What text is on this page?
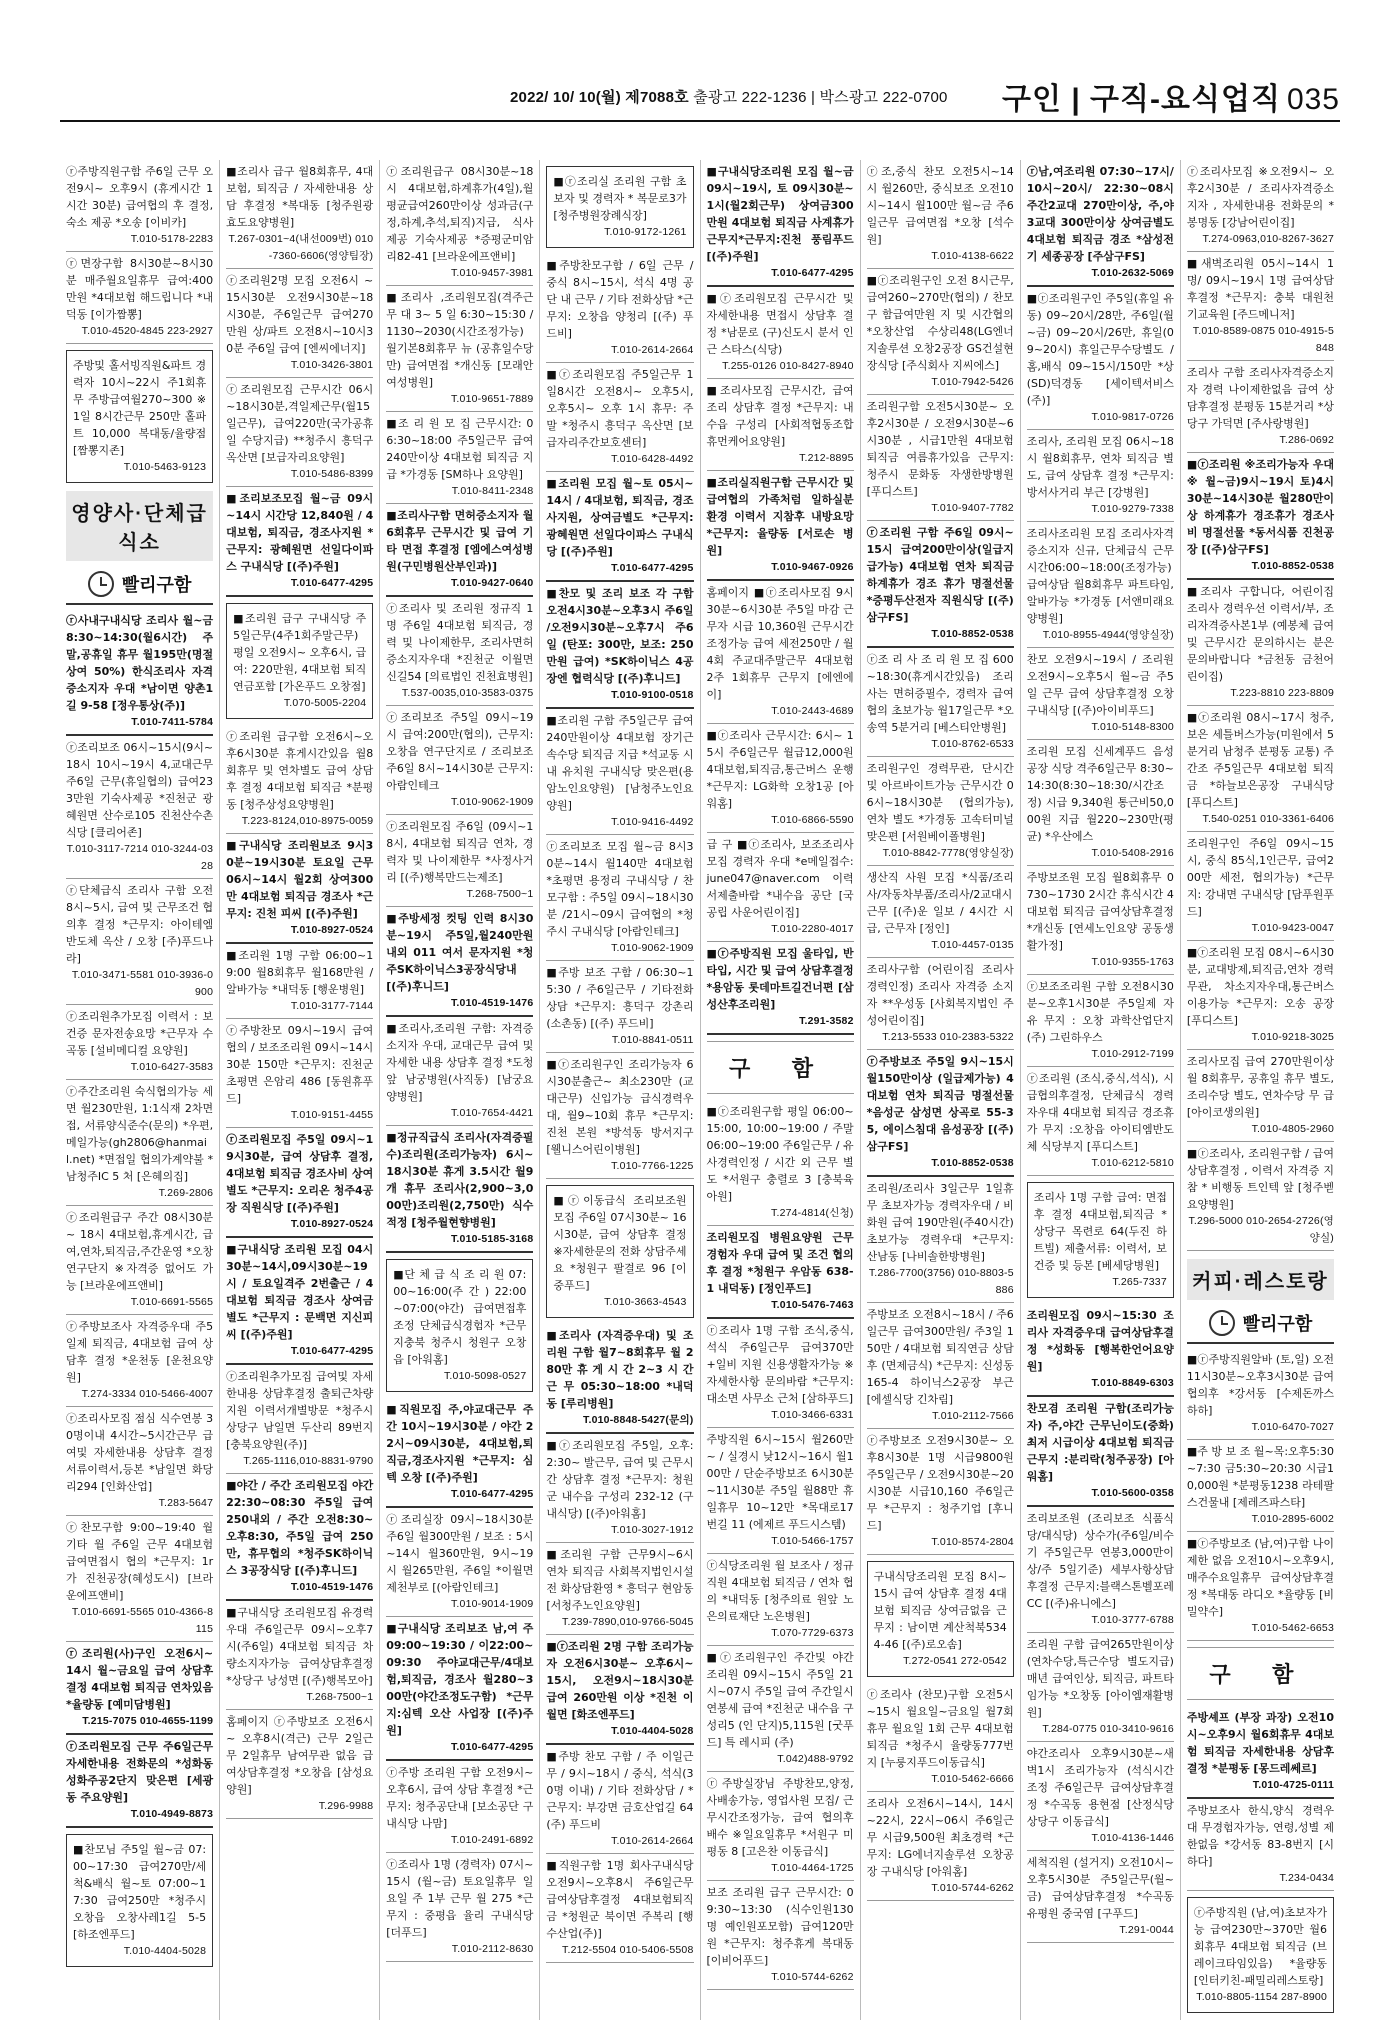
2022/ 10/ 10(월) 제7088호 출광고 222-1236 | 박스광고 222-0700 구인 | 구직-요식업직 035
ⓡ주방직원구함 주6일 근무 오전9시~ 오후9시 (휴게시간 1시간 30분) 급여협의 후 결정, 숙소 제공 *오송 [이비카]
T.010-5178-2283
ⓡ면장구함 8시30분~8시30분 매주월요일휴무 급여:400만원 *4대보험 해드립니다 *내덕동 [이가짬뽕]
T.010-4520-4845 223-2927
주방및 홀서빙직원&파트 경력자 10시~22시 주1회휴무 주방급여월270~300 ※1일 8시간근무 250만 홀파트 10,000 복대동/율량점 [짬뽕지존]
T.010-5463-9123
영양사·단체급식소
빨리구함
ⓡ사내구내식당 조리사 월~금 8:30~14:30(월6시간) 주말,공휴일 휴무 월195만(명절상여 50%) 한식조리사 자격증소지자 우대 *남이면 양촌1길 9-58 [정우통상(주)]
T.010-7411-5784
ⓡ조리보조 06시~15시(9시~18시 10시~19시 4,교대근무 주6일 근무(휴일협의) 급여233만원 기숙사제공 *진천군 광혜원면 산수로105 진천산수촌 식당 [클리어존]
T.010-3117-7214 010-3244-0328
ⓡ단체급식 조리사 구함 오전 8시~5시, 급여 및 근무조건 협의후 결정 *근무지: 아이테엠반도체 옥산 / 오창 [주)푸드나라]
T.010-3471-5581 010-3936-0900
ⓡ조리원추가모집 이력서 : 보건증 문자전송요망 *근무자 수곡동 [설비메디컬 요양원]
T.010-6427-3583
ⓡ주간조리원 숙식협의가능 세면 월230만원, 1:1식재 2차면접, 서류양식준수(문의) *우편,메일가능(gh2806@hanmail.net) *면접일 협의가계약불 *남청주IC 5 처 [은혜의집]
T.269-2806
ⓡ조리원급구 주간 08시30분~ 18시 4대보험,휴게시간, 급여,연차,퇴직금,주간운영 *오창 연구단지 ※자격증 없어도 가능 [브라운에프앤비]
T.010-6691-5565
ⓡ주방보조사 자격증우대 주5일제 퇴직금, 4대보험 급여 상담후 결정 *운천동 [운천요양원]
T.274-3334 010-5466-4007
ⓡ조리사모집 점심 식수연봉 30명이내 4시간~5시간근무 급여및 자세한내용 상담후 결정 서류이력서,등본 *남일면 화당리294 [인화산업]
T.283-5647
ⓡ찬모구함 9:00~19:40 월기타 월 주6일 근무 4대보험 급여면접시 협의 *근무지: 1r가 진천공장(혜성도시) [브라운에프앤비]
T.010-6691-5565 010-4366-8115
ⓡ조리원(사)구인 오전6시~ 14시 월~금요일 급여 상담후결정 4대보험 퇴직금 연차있음 *율량동 [예미담병원]
T.215-7075 010-4655-1199
ⓡ조리원모집 근무 주6일근무 자세한내용 전화문의 *성화동 성화주공2단지 맞은편 [세광동 주요양원]
T.010-4949-8873
■찬모님 주5일 월~금 07:00~17:30 급여270만/세척&배식 월~토 07:00~17:30 급여250만 *청주시 오창읍 오창사레1길 5-5 [하조엔푸드]
T.010-4404-5028
■조리사 급구 월8회휴무, 4대보험, 퇴직금 / 자세한내용 상담 후결정 *복대동 [청주원광효도요양병원]
T.267-0301~4(내선009번) 010-7360-6606(영양팀장)
ⓡ조리원2명 모집 오전6시 ~15시30분 오전9시30분~18시30분, 주6일근무 급여270만원 상/파트 오전8시~10시30분 주6일 급여 [엔씨에너지]
T.010-3426-3801
ⓡ조리원모집 근무시간 06시~18시30분,격일제근무(월15일근무), 급여220만(국가공휴일 수당지급) **청주시 흥덕구 옥산면 [보급자리요양원]
T.010-5486-8399
■조리보조모집 월~금 09시~14시 시간당 12,840원 / 4대보험, 퇴직금, 경조사지원 *근무지: 광혜원면 선일다이파스 구내식당 [(주)주원]
T.010-6477-4295
■조리원 급구 구내식당 주5일근무(4주1회주말근무) 평일 오전9시~ 오후6시, 급여: 220만원, 4대보험 퇴직연금포함 [가온푸드 오창점]
T.070-5005-2204
ⓡ조리원 급구함 오전6시~오후6시30분 휴게시간있음 월8회휴무 및 연차별도 급여 상담 후 결정 4대보험 퇴직금 *분평동 [청주상성요양병원]
T.223-8124,010-8975-0059
■구내식당 조리원보조 9시30분~19시30분 토요일 근무 06시~14시 월2회 상여300만 4대보험 퇴직금 경조사 *근무지: 진천 피씨 [(주)주원]
T.010-8927-0524
■조리원 1명 구함 06:00~19:00 월8회휴무 월168만원 / 알바가능 *내덕동 [행운병원]
T.010-3177-7144
ⓡ주방찬모 09시~19시 급여협의 / 보조조리원 09시~14시30분 150만 *근무지: 진천군 초평면 은암리 486 [동원휴푸드]
T.010-9151-4455
ⓡ조리원모집 주5일 09시~19시30분, 급여 상담후 결정, 4대보험 퇴직금 경조사비 상여별도 *근무지: 오리온 청주4공장 직원식당 [(주)주원]
T.010-8927-0524
■구내식당 조리원 모집 04시30분~14시,09시30분~19시 / 토요일격주 2번출근 / 4대보험 퇴직금 경조사 상여금 별도 *근무지 : 문백면 지신피씨 [(주)주원]
T.010-6477-4295
ⓡ조리원추가모집 급여및 자세한내용 상담후결정 출퇴근차량지원 이력서개별방문 *청주시 상당구 남일면 두산리 89번지 [충북요양원(주)]
T.265-1116,010-8831-9790
■야간 / 주간 조리원모집 야간 22:30~08:30 주5일 급여 250내외 / 주간 오전8:30~오후8:30, 주5일 급여 250만, 휴무협의 *청주SK하이닉스 3공장식당 [(주)후니드]
T.010-4519-1476
■구내식당 조리원모집 유경력우대 주6일근무 09시~오후7시(주6일) 4대보험 퇴직금 차량소지자가능 급여상담후결정 *상당구 낭성면 [(주)행복모아]
T.268-7500~1
홈페이지 ⓡ주방보조 오전6시~ 오후8시(격근) 근무 2일근무 2일휴무 남여무관 없음 급여상담후결정 *오창읍 [삼성요양원]
T.296-9988
ⓡ조리원급구 08시30분~18시 4대보험,하계휴가(4일),월평균급여260만이상 성과금(구정,하계,추석,퇴직)지급, 식사제공 기숙사제공 *증평군미암리82-41 [브라운에프앤비]
T.010-9457-3981
■조리사 ,조리원모집(격주근무 대 3~ 5 일 6:30~15:30 /1130~2030(시간조정가능) 월기본8회휴무 뉴 (공휴일수당만) 급여면접 *개신동 [모래안여성병원]
T.010-9651-7889
■조 리 원 모 집 근무시간: 06:30~18:00 주5일근무 급여 240만이상 4대보험 퇴직금 지급 *가경동 [SM하나 요양원]
T.010-8411-2348
■조리사구함 면허증소지자 월6회휴무 근무시간 및 급여 기타 면접 후결정 [엠에스여성병원(구민병원산부인과)]
T.010-9427-0640
ⓡ조리사 및 조리원 정규직 1명 주6일 4대보험 퇴직금, 경력 및 나이제한무, 조리사면허증소지자우대 *진천군 이월면 신길54 [의료법인 진천효병원]
T.537-0035,010-3583-0375
ⓡ조리보조 주5일 09시~19시 급여:200만(협의), 근무지: 오창읍 연구단지로 / 조리보조 주6일 8시~14시30분 근무지:아람인테크
T.010-9062-1909
ⓡ조리원모집 주6일 (09시~18시, 4대보험 퇴직금 연차, 경력자 및 나이제한무 *사정사거리 [(주)행복만드는제조]
T.268-7500~1
■주방세정 컷팅 인력 8시30분~19시 주5일,월240만원내외 011 여서 문자지원 *청주SK하이닉스3공장식당내 [(주)후니드]
T.010-4519-1476
■조리사,조리원 구함: 자격증소지자 우대, 교대근무 급여 및 자세한 내용 상담후 결정 *도청앞 남궁병원(사직동) [남궁요양병원]
T.010-7654-4421
■정규직급식 조리사(자격증필수)조리원(조리가능자) 6시~18시30분 휴게 3.5시간 월9개 휴무 조리사(2,900~3,000만)조리원(2,750만) 식수적정 [청주월현향병원]
T.010-5185-3168
■단 체 급 식 조 리 원 07:00~16:00(주 간 ) 22:00~07:00(야간) 급여면접후조정 단체급식경험자 *근무지충북 청주시 청원구 오창읍 [아워홈]
T.010-5098-0527
■직원모집 주,야교대근무 주간 10시~19시30분 / 야간 22시~09시30분, 4대보험,퇴직금,경조사지원 *근무지: 심텍 오창 [(주)주원]
T.010-6477-4295
ⓡ조리실장 09시~18시30분 주6일 월300만원 / 보조 : 5시~14시 월360만원, 9시~19시 월265만원, 주6일 *이월면 제천부로 [(아람인테크]
T.010-9014-1909
■구내식당 조리보조 남,여 주 09:00~19:30 / 이22:00~09:30 주야교대근무/4대보험,퇴직금, 경조사 월280~300만(야간조정도구함) *근무지:심텍 오산 사업장 [(주)주원]
T.010-6477-4295
ⓡ주방 조리원 구함 오전9시~ 오후6시, 급여 상담 후결정 *근무지: 청주공단내 [보소공단 구내식당 나맘]
T.010-2491-6892
ⓡ조리사 1명 (경력자) 07시~15시 (월~금) 토요일휴무 일요일 주 1부 근무 월 275 *근무지 : 중평읍 율리 구내식당 [더푸드]
T.010-2112-8630
■ⓡ조리실 조리원 구함 초보자 및 경력자 * 복문로3가 [청주병원장례식장]
T.010-9172-1261
■주방찬모구함 / 6일 근무 / 중식 8시~15시, 석식 4명 공단 내 근무 / 기타 전화상담 *근무지: 오창읍 양청리 [(주) 푸드비]
T.010-2614-2664
■ⓡ조리원모집 주5일근무 1일8시간 오전8시~ 오후5시, 오후5시~ 오후 1시 휴무: 주말 *청주시 흥덕구 옥산면 [보급자리주간보호센터]
T.010-6428-4492
■조리원 모집 월~토 05시~14시 / 4대보험, 퇴직금, 경조사지원, 상여금별도 *근무지: 광혜원면 선일다이파스 구내식당 [(주)주원]
T.010-6477-4295
■찬모 및 조리 보조 각 구함 오전4시30분~오후3시 주6일 /오전9시30분~오후7시 주6일 (탄포: 300만, 보조: 250만원 급여) *SK하이닉스 4공장엔 협력식당 [(주)후니드]
T.010-9100-0518
■조리원 구함 주5일근무 급여 240만원이상 4대보험 장기근속수당 퇴직금 지급 *석교동 시내 유치원 구내식당 맞은편(용암노인요양원) [남청주노인요양원]
T.010-9416-4492
ⓡ조리보조 모집 월~금 8시30분~14시 월140만 4대보험 *초평면 용정리 구내식당 / 찬모구함 : 주5일 09시~18시30분 /21시~09시 급여협의 *청주시 구내식당 [아람인테크]
T.010-9062-1909
■주방 보조 구함 / 06:30~15:30 / 주6일근무 / 기타전화상담 *근무지: 흥덕구 강촌리(소촌동) [(주) 푸드비]
T.010-8841-0511
■ⓡ조리원구인 조리가능자 6시30분출근~ 최소230만 (교대근무) 신입가능 급식경력우대, 월9~10회 휴무 *근무지: 진천 본원 *방석동 방서지구 [웰니스어린이병원]
T.010-7766-1225
■ⓡ이동급식 조리보조원 모집 주6일 07시30분~ 16시30분, 급여 상담후 결정 ※자세한문의 전화 상담주세요 *청원구 팔결로 96 [이중푸드]
T.010-3663-4543
■조리사 (자격증우대) 및 조리원 구함 월7~8회휴무 월 280만 휴 게 시 간 2~3 시 간 근 무 05:30~18:00 *내덕동 [루리병원]
T.010-8848-5427(문의)
■ⓡ조리원모집 주5일, 오후:2:30~ 발근무, 급여 및 근무시간 상담후 결정 *근무지: 청원군 내수읍 구성리 232-12 (구내식당) [(주)아워홈]
T.010-3027-1912
■조리원 구함 근무9시~6시 연차 퇴직금 사회복지법인시설 전 화상담환영 * 흥덕구 현암동 [서청주노인요양원]
T.239-7890,010-9766-5045
■ⓡ조리원 2명 구함 조리가능자 오전6시30분~ 오후6시~15시, 오전9시~18시30분 급여 260만원 이상 *진천 이월면 [화조엔푸드]
T.010-4404-5028
■주방 찬모 구함 / 주 이일근무 / 9시~18시 / 중식, 석식(30명 이내) / 기타 전화상담 / *근무지: 부강면 금호산업길 64 (주) 푸드비
T.010-2614-2664
■직원구함 1명 회사구내식당 오전9시~오후8시 주6일근무 급여상담후결정 4대보험퇴직금 *청원군 북이면 주복리 [행수산업(주)]
T.212-5504 010-5406-5508
■구내식당조리원 모집 월~금 09시~19시, 토 09시30분~ 1시(월2회근무) 상여금300만원 4대보험 퇴직금 사계휴가 근무지*근무지:진천 풍림푸드 [(주)주원]
T.010-6477-4295
■ⓡ조리원모집 근무시간 및 자세한내용 면접시 상담후 결정 *남문로 (구)신도시 분서 인근 스타스(식당)
T.255-0126 010-8427-8940
■조리사모집 근무시간, 급여 조리 상담후 결정 *근무지: 내수읍 구성리 [사회적협동조합 휴먼케어요양원]
T.212-8895
■조리실직원구함 근무시간 및 급여협의 가족처럼 일하실분 환경 이력서 지참후 내방요망 *근무지: 율량동 [서로손 병원]
T.010-9467-0926
홈페이지 ■ⓡ조리사모집 9시30분~6시30분 주5일 마감 근무자 시급 10,360원 근무시간 조정가능 급여 세전250만 / 월4회 주교대주말근무 4대보험 2주 1회휴무 근무지 [에엔에이]
T.010-2443-4689
■ⓡ조리사 근무시간: 6시~ 15시 주6일근무 월급12,000원 4대보험,퇴직금,통근버스 운행 *근무지: LG화학 오창1공 [아워홈]
T.010-6866-5590
급 구 ■ⓡ조리사, 보조조리사 모집 경력자 우대 *e메일접수: june047@naver.com 이력서제출바람 *내수읍 공단 [국공립 사운어린이집]
T.010-2280-4017
■ⓡ주방직원 모집 울타입, 반타입, 시간 및 급여 상담후결정 *용암동 롯데마트길건너편 [삼성산후조리원]
T.291-3582
구 함
■ⓡ조리원구함 평일 06:00~15:00, 10:00~19:00 / 주말 06:00~19:00 주6일근무 / 유사경력인정 / 시간 외 근무 별도 *서원구 충렬로 3 [충북육아원]
T.274-4814(신청)
조리원모집 병원요양원 근무 경험자 우대 급여 및 조건 협의후 결정 *청원구 우암동 638-1 내덕동) [정인푸드]
T.010-5476-7463
ⓡ조리사 1명 구함 조식,중식,석식 주6일근무 급여370만+일비 지원 신용생활자가능 ※ 자세한사항 문의바람 *근무지: 대소면 사무소 근처 [삼하푸드]
T.010-3466-6331
주방직원 6시~15시 월260만~ / 실경시 낮12시~16시 월100만 / 단순주방보조 6시30분~11시30분 주5일 월88만 휴일휴무 10~12만 *목대로17번길 11 (에제르 푸드시스템)
T.010-5466-1757
ⓡ식당조리원 월 보조사 / 정규직원 4대보험 퇴직금 / 연차 협의 *내덕동 [청주의료 원앞 노은의료재단 노은병원]
T.070-7729-6373
■ⓡ조리원구인 주간및 야간 조리원 09시~15시 주5일 21시~07시 주5일 급여 주간일시 연봉세 급여 *진천군 내수읍 구성리5 (인 단지)5,115원 [굿푸드] 특 레시피 (주)
T.042)488-9792
ⓡ주방실장님 주방찬모,양정,사배송가능, 영업사원 모집/ 근무시간조정가능, 급여 협의후 배수 ※일요일휴무 *서원구 미평동 8 [고은찬 이동급식]
T.010-4464-1725
보조 조리원 급구 근무시간: 09:30~13:30 (식수인원130명 예인원포모함) 급여120만원 *근무지: 청주휴게 복대동 [이비어푸드]
T.010-5744-6262
ⓡ조,중식 찬모 오전5시~14시 월260만, 중식보조 오전10시~14시 월100만 월~금 주6일근무 급여면접 *오창 [석수원]
T.010-4138-6622
■ⓡ조리원구인 오전 8시근무, 급여260~270만(협의) / 찬모구 함급여만원 지 및 시간협의 *오창산업 수상리48(LG엔너지솔루션 오창2공장 GS건설현장식당 [주식회사 지씨에스]
T.010-7942-5426
조리원구함 오전5시30분~ 오후2시30분 / 오전9시30분~6시30분 , 시급1만원 4대보험 퇴직금 여름휴가있음 근무지: 청주시 문화동 자생한방병원 [푸디스트]
T.010-9407-7782
ⓡ조리원 구함 주6일 09시~15시 급여200만이상(일급지급가능) 4대보험 연차 퇴직금 하계휴가 경조 휴가 명절선물 *증평두산전자 직원식당 [(주)삼구FS]
T.010-8852-0538
ⓡ조 리 사 조 리 원 모 집 600~18:30(휴게시간있음) 조리사는 면허증필수, 경력자 급여 협의 초보가능 월17일근무 *오송역 5분거리 [베스티안병원]
T.010-8762-6533
조리원구인 경력무관, 단시간 및 아르바이트가능 근무시간 06시~18시30분 (협의가능), 연차 별도 *가경동 고속터미널 맞은편 [서원베이폴병원]
T.010-8842-7778(영양실장)
생산직 사원 모집 *식품/조리사/자동차부품/조리사/2교대시 근무 [(주)운 일보 / 4시간 시급, 근무자 [정인]
T.010-4457-0135
조리사구함 (어린이집 조리사 경력인정) 조리사 자격증 소지자 **우성동 [사회복지법인 주성어린이집]
T.213-5533 010-2383-5322
ⓡ주방보조 주5일 9시~15시 월150만이상 (일급제가능) 4대보험 연차 퇴직금 명절선물 *음성군 삼성면 상곡로 55-35, 에이스침대 음성공장 [(주)삼구FS]
T.010-8852-0538
조리원/조리사 3일근무 1일휴무 초보자가능 경력자우대 / 비화원 급여 190만원(주40시간) 초보가능 경력우대 *근무지: 산남동 [나비솔한방병원]
T.286-7700(3756) 010-8803-5886
주방보조 오전8시~18시 / 주6일근무 급여300만원/ 주3일 150만 / 4대보험 퇴직연금 상담후 (면제금식) *근무지: 신성동165-4 하이닉스2공장 부근 [에셀식당 긴차림]
T.010-2112-7566
ⓡ주방보조 오전9시30분~ 오후8시30분 1명 시급9800원 주5일근무 / 오전9시30분~20시30분 시급10,160 주6일근무 *근무지 : 청주기업 [후니드]
T.010-8574-2804
구내식당조리원 모집 8시~15시 급여 상담후 결정 4대보험 퇴직금 상여금없음 근무지 : 남이면 계산척북5344-46 [(주)로오솜]
T.272-0541 272-0542
ⓡ조리사 (찬모)구함 오전5시~15시 월요일~금요일 월7회 휴무 월요일 1회 근무 4대보험 퇴직금 *청주시 율량동777번지 [누룽지푸드이동급식]
T.010-5462-6666
조리사 오전6시~14시, 14시~22시, 22시~06시 주6일근무 시급9,500원 최초경력 *근무지: LG에너지솔루션 오창공장 구내식당 [아워홈]
T.010-5744-6262
ⓡ남,여조리원 07:30~17시/ 10시~20시/ 22:30~08시 주간2교대 270만이상, 주,야3교대 300만이상 상여금별도 4대보험 퇴직금 경조 *삼성전기 세종공장 [주삼구FS]
T.010-2632-5069
■ⓡ조리원구인 주5일(휴일 유동) 09~20시/28만, 주6일(월~금) 09~20시/26만, 휴일(09~20시) 휴일근무수당별도 /홈,배식 09~15시/150만 *상(SD)덕경동 [세이텍서비스(주)]
T.010-9817-0726
조리사, 조리원 모집 06시~18시 월8회휴무, 연차 퇴직금 별도, 급여 상담후 결정 *근무지: 방서사거리 부근 [강병원]
T.010-9279-7338
조리사조리원 모집 조리사자격증소지자 신규, 단체급식 근무시간06:00~18:00(조정가능)급여상담 월8회휴무 파트타임,알바가능 *가경동 [서앤미래요양병원]
T.010-8955-4944(영양실장)
찬모 오전9시~19시 / 조리원 오전9시~오후5시 월~금 주5일 근무 급여 상담후결정 오창 구내식당 [(주)아이비푸드]
T.010-5148-8300
조리원 모집 신세계푸드 음성공장 식당 격주6일근무 8:30~14:30(8:30~18:30/시간조정) 시급 9,340원 통근비50,000원 지급 월220~230만(평균) *우산에스
T.010-5408-2916
주방보조원 모집 월8회휴무 0730~1730 2시간 휴식시간 4대보험 퇴직금 급여상담후결정 *개신동 [연세노인요양 공동생활가정]
T.010-9355-1763
ⓡ보조조리원 구함 오전8시30분~오후1시30분 주5일제 자유 무지 : 오창 과학산업단지 (주) 그린하우스
T.010-2912-7199
ⓡ조리원 (조식,중식,석식), 시급협의후결정, 단체급식 경력자우대 4대보험 퇴직금 경조휴가 무지 :오창읍 아이티엠반도체 식당부지 [푸디스트]
T.010-6212-5810
조리사 1명 구함 급여: 면접후 결정 4대보험,퇴직금 * 상당구 목련로 64(두진 하트빌) 제출서류: 이력서, 보건증 및 등본 [베세당병원]
T.265-7337
조리원모집 09시~15:30 조리사 자격증우대 급여상담후결정 *성화동 [행복한언어요양원]
T.010-8849-6303
찬모겸 조리원 구함(조리가능자) 주,야간 근무닌이도(중화) 최저 시급이상 4대보험 퇴직금 근무지 :분리락(청주공장) [아워홈]
T.010-5600-0358
조리보조원 (조리보조 식품식 당/대식당) 상수가(주6일/비수기 주5일근무 연봉3,000만이상/주 5일기준) 세부사항상담후결정 근무지:블랙스톤벨포레CC [(주)유니에스]
T.010-3777-6788
조리원 구함 급여265만원이상 (연차수당,특근수당 별도지급) 매년 급여인상, 퇴직금, 파트타임가능 *오창동 [아이엠재활병원]
T.284-0775 010-3410-9616
야간조리사 오후9시30분~새벽1시 조리가능자 (석식시간 조정 주6일근무 급여상담후결정 *수곡동 용현점 [산정식당 상당구 이동급식]
T.010-4136-1446
세척직원 (설거지) 오전10시~오후5시30분 주5일근무(월~금) 급여상담후결정 *수곡동 유평원 중국염 [구푸드]
T.291-0044
ⓡ조리사모집 ※오전9시~ 오후2시30분 / 조리사자격증소지자 , 자세한내용 전화문의 *봉명동 [강남어린이집]
T.274-0963,010-8267-3627
■새벽조리원 05시~14시 1명/ 09시~19시 1명 급여상담후결정 *근무지: 충북 대원천기교육원 [주드메니저]
T.010-8589-0875 010-4915-5848
조리사 구함 조리사자격증소지자 경력 나이제한없음 급여 상담후결정 분평동 15분거리 *상당구 가덕면 [주사랑병원]
T.286-0692
■ⓡ조리원 ※조리가능자 우대※ 월~금)9시~19시 토)4시30분~14시30분 월280만이상 하계휴가 경조휴가 경조사비 명절선물 *동서식품 진천공장 [(주)삼구FS]
T.010-8852-0538
■조리사 구합니다, 어린이집 조리사 경력우선 이력서/부, 조리자격증사본1부 (예봉체 급여 및 근무시간 문의하시는 분은 문의바랍니다 *금천동 금천어린이집)
T.223-8810 223-8809
■ⓡ조리원 08시~17시 청주,보은 세틀버스가능(미원에서 5분거리 남청주 분평동 교통) 주간조 주5일근무 4대보험 퇴직금 *하늘보은공장 구내식당 [푸디스트]
T.540-0251 010-3361-6406
조리원구인 주6일 09시~15시, 중식 85식,1인근무, 급여200만 세전, 협의가능) *근무지: 강내면 구내식당 [담푸원푸드]
T.010-9423-0047
■ⓡ조리원 모집 08시~6시30분, 교대방제,퇴직금,연차 경력무관, 차소지자우대,통근버스이용가능 *근무지: 오송 공장 [푸디스트]
T.010-9218-3025
조리사모집 급여 270만원이상 월 8회휴무, 공휴일 휴무 별도, 조리수당 별도, 연차수당 무 급 [아이코생의원]
T.010-4805-2960
■ⓡ조리사, 조리원구함 / 급여 상담후결정 , 이력서 자격증 지참 * 비행동 트인텍 앞 [청주벧요양병원]
T.296-5000 010-2654-2726(영양실)
커피·레스토랑
빨리구함
■ⓡ주방직원알바 (토,일) 오전11시30분~오후3시30분 급여협의후 *강서동 [수제돈까스 하하]
T.010-6470-7027
■주 방 보 조 월~목:오후5:30~7:30 금5:30~20:30 시급10,000원 *분평동1238 라테팔스건물내 [제레즈파스타]
T.010-2895-6002
■ⓡ주방보조 (남,여)구함 나이제한 없음 오전10시~오후9시, 매주수요일휴무 급여상담후결정 *복대동 라디오 *율량동 [비밀약수]
T.010-5462-6653
구 함
주방셰프 (부장 과장) 오전10시~오후9시 월6회휴무 4대보험 퇴직금 자세한내용 상담후결정 *분평동 [몽드레쎄르]
T.010-4725-0111
주방보조사 한식,양식 경력우대 무경험자가능, 연령,성별 제한없음 *강서동 83-8번지 [시하다]
T.234-0434
ⓡ주방직원 (남,여)초보자가능 급여230만~370만 월6회휴무 4대보험 퇴직금 (브레이크타임있음) *율량동 [인터키친-패밀리레스토랑]
T.010-8805-1154 287-8900
